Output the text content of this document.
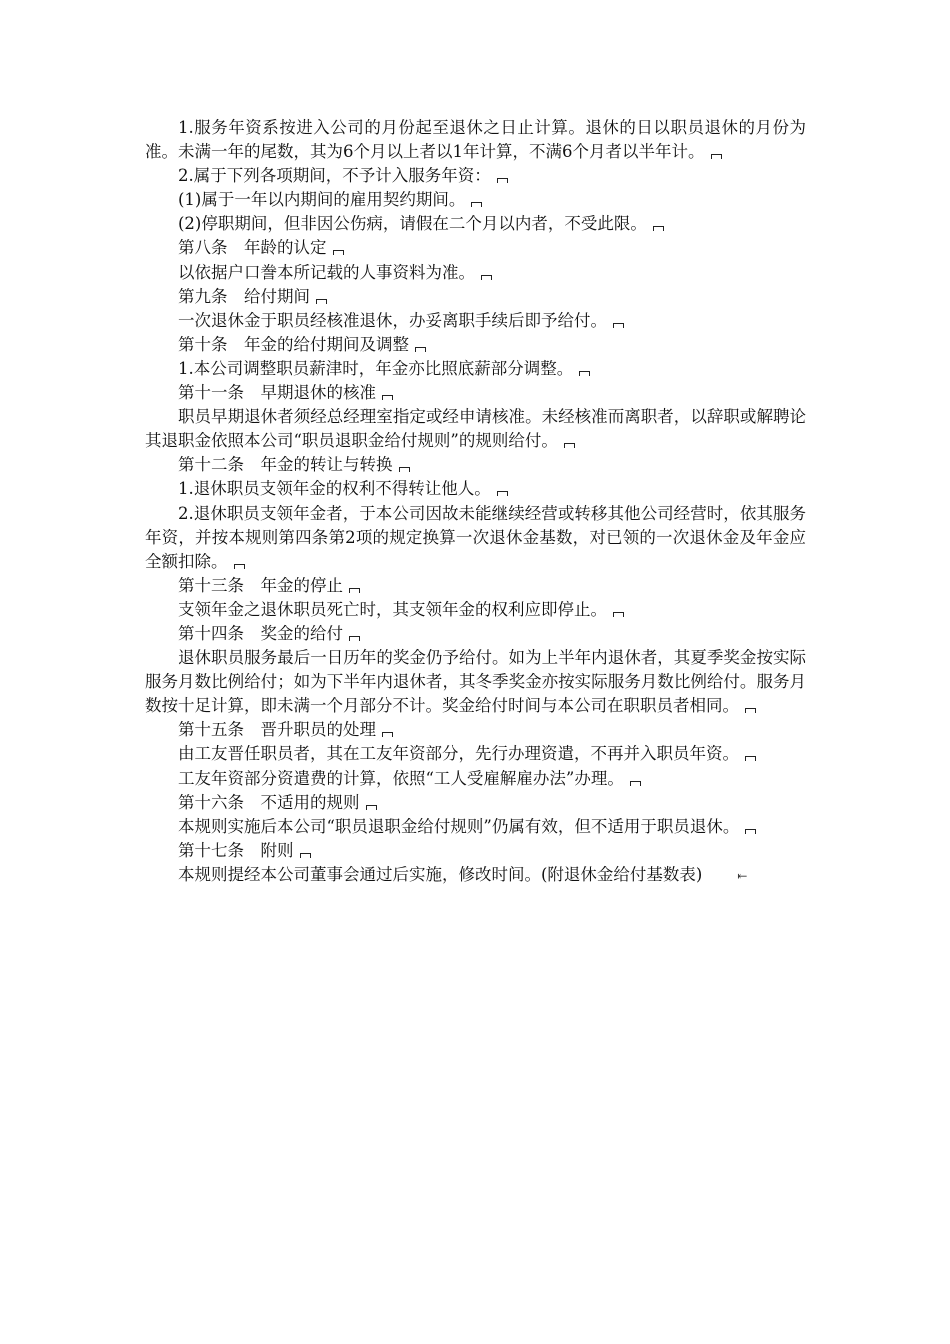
1.服务年资系按进入公司的月份起至退休之日止计算。退休的日以职员退休的月份为准。未满一年的尾数，其为6个月以上者以1年计算，不满6个月者以半年计。

2.属于下列各项期间，不予计入服务年资：

(1)属于一年以内期间的雇用契约期间。

(2)停职期间，但非因公伤病，请假在二个月以内者，不受此限。

第八条　年龄的认定

以依据户口誊本所记载的人事资料为准。

第九条　给付期间

一次退休金于职员经核准退休，办妥离职手续后即予给付。

第十条　年金的给付期间及调整

1.本公司调整职员薪津时，年金亦比照底薪部分调整。

第十一条　早期退休的核准

职员早期退休者须经总经理室指定或经申请核准。未经核准而离职者，以辞职或解聘论其退职金依照本公司“职员退职金给付规则”的规则给付。

第十二条　年金的转让与转换

1.退休职员支领年金的权利不得转让他人。

2.退休职员支领年金者，于本公司因故未能继续经营或转移其他公司经营时，依其服务年资，并按本规则第四条第2项的规定换算一次退休金基数，对已领的一次退休金及年金应全额扣除。

第十三条　年金的停止

支领年金之退休职员死亡时，其支领年金的权利应即停止。

第十四条　奖金的给付

退休职员服务最后一日历年的奖金仍予给付。如为上半年内退休者，其夏季奖金按实际服务月数比例给付；如为下半年内退休者，其冬季奖金亦按实际服务月数比例给付。服务月数按十足计算，即未满一个月部分不计。奖金给付时间与本公司在职职员者相同。

第十五条　晋升职员的处理

由工友晋任职员者，其在工友年资部分，先行办理资遣，不再并入职员年资。

工友年资部分资遣费的计算，依照“工人受雇解雇办法”办理。

第十六条　不适用的规则

本规则实施后本公司“职员退职金给付规则”仍属有效，但不适用于职员退休。

第十七条　附则

本规则提经本公司董事会通过后实施，修改时间。(附退休金给付基数表)	⇤
